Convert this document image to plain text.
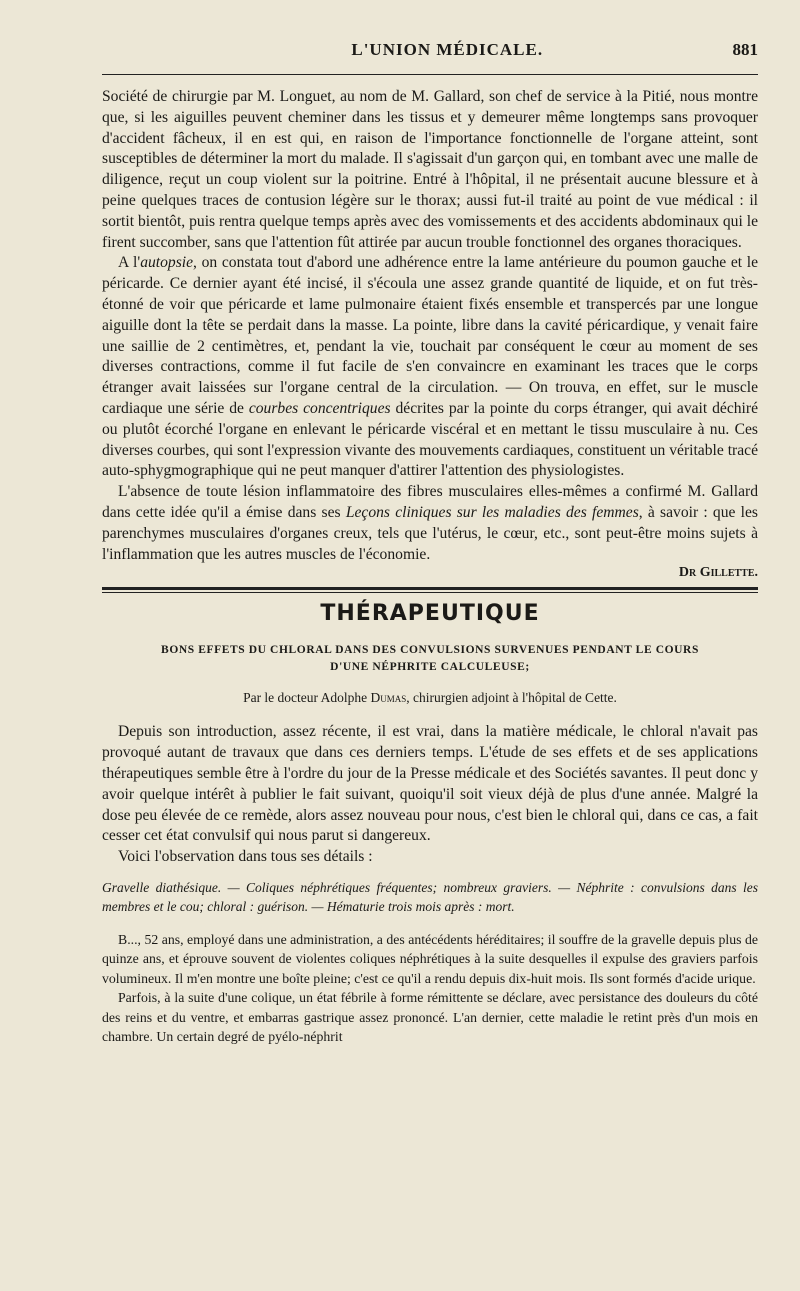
L'UNION MÉDICALE.	881

Société de chirurgie par M. Longuet, au nom de M. Gallard, son chef de service à la Pitié, nous montre que, si les aiguilles peuvent cheminer dans les tissus et y demeurer même longtemps sans provoquer d'accident fâcheux, il en est qui, en raison de l'importance fonctionnelle de l'organe atteint, sont susceptibles de déterminer la mort du malade. Il s'agissait d'un garçon qui, en tombant avec une malle de diligence, reçut un coup violent sur la poitrine. Entré à l'hôpital, il ne présentait aucune blessure et à peine quelques traces de contusion légère sur le thorax; aussi fut-il traité au point de vue médical : il sortit bientôt, puis rentra quelque temps après avec des vomissements et des accidents abdominaux qui le firent succomber, sans que l'attention fût attirée par aucun trouble fonctionnel des organes thoraciques.

A l'autopsie, on constata tout d'abord une adhérence entre la lame antérieure du poumon gauche et le péricarde. Ce dernier ayant été incisé, il s'écoula une assez grande quantité de liquide, et on fut très-étonné de voir que péricarde et lame pulmonaire étaient fixés ensemble et transpercés par une longue aiguille dont la tête se perdait dans la masse. La pointe, libre dans la cavité péricardique, y venait faire une saillie de 2 centimètres, et, pendant la vie, touchait par conséquent le cœur au moment de ses diverses contractions, comme il fut facile de s'en convaincre en examinant les traces que le corps étranger avait laissées sur l'organe central de la circulation. — On trouva, en effet, sur le muscle cardiaque une série de courbes concentriques décrites par la pointe du corps étranger, qui avait déchiré ou plutôt écorché l'organe en enlevant le péricarde viscéral et en mettant le tissu musculaire à nu. Ces diverses courbes, qui sont l'expression vivante des mouvements cardiaques, constituent un véritable tracé auto-sphygmographique qui ne peut manquer d'attirer l'attention des physiologistes.

L'absence de toute lésion inflammatoire des fibres musculaires elles-mêmes a confirmé M. Gallard dans cette idée qu'il a émise dans ses Leçons cliniques sur les maladies des femmes, à savoir : que les parenchymes musculaires d'organes creux, tels que l'utérus, le cœur, etc., sont peut-être moins sujets à l'inflammation que les autres muscles de l'économie.

Dr Gillette.

THÉRAPEUTIQUE
BONS EFFETS DU CHLORAL DANS DES CONVULSIONS SURVENUES PENDANT LE COURS
D'UNE NÉPHRITE CALCULEUSE;
Par le docteur Adolphe Dumas, chirurgien adjoint à l'hôpital de Cette.

Depuis son introduction, assez récente, il est vrai, dans la matière médicale, le chloral n'avait pas provoqué autant de travaux que dans ces derniers temps. L'étude de ses effets et de ses applications thérapeutiques semble être à l'ordre du jour de la Presse médicale et des Sociétés savantes. Il peut donc y avoir quelque intérêt à publier le fait suivant, quoiqu'il soit vieux déjà de plus d'une année. Malgré la dose peu élevée de ce remède, alors assez nouveau pour nous, c'est bien le chloral qui, dans ce cas, a fait cesser cet état convulsif qui nous parut si dangereux.

Voici l'observation dans tous ses détails :

Gravelle diathésique. — Coliques néphrétiques fréquentes; nombreux graviers. — Néphrite : convulsions dans les membres et le cou; chloral : guérison. — Hématurie trois mois après : mort.

B..., 52 ans, employé dans une administration, a des antécédents héréditaires; il souffre de la gravelle depuis plus de quinze ans, et éprouve souvent de violentes coliques néphrétiques à la suite desquelles il expulse des graviers parfois volumineux. Il m'en montre une boîte pleine; c'est ce qu'il a rendu depuis dix-huit mois. Ils sont formés d'acide urique.

Parfois, à la suite d'une colique, un état fébrile à forme rémittente se déclare, avec persistance des douleurs du côté des reins et du ventre, et embarras gastrique assez prononcé. L'an dernier, cette maladie le retint près d'un mois en chambre. Un certain degré de pyélo-néphrit
